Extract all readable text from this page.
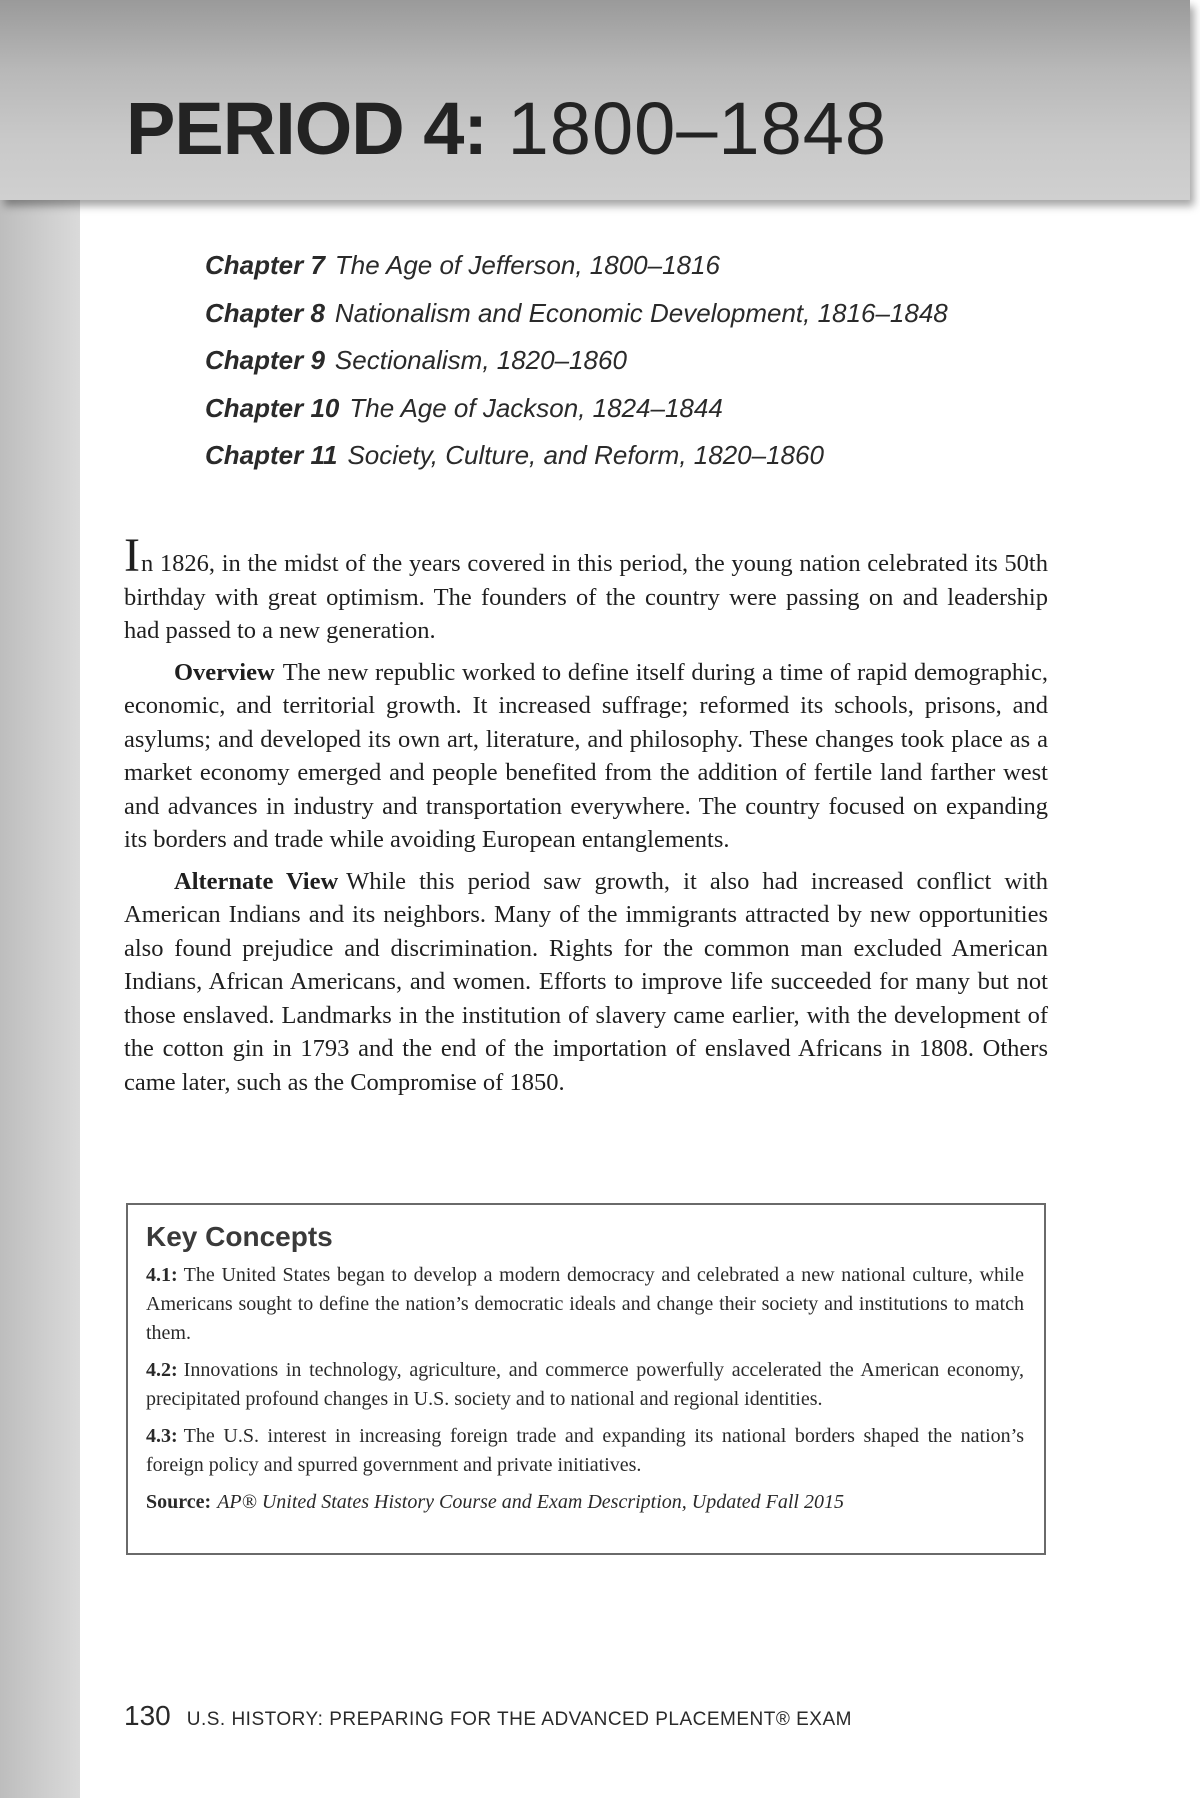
PERIOD 4: 1800–1848
Chapter 7 The Age of Jefferson, 1800–1816
Chapter 8 Nationalism and Economic Development, 1816–1848
Chapter 9 Sectionalism, 1820–1860
Chapter 10 The Age of Jackson, 1824–1844
Chapter 11 Society, Culture, and Reform, 1820–1860

In 1826, in the midst of the years covered in this period, the young nation celebrated its 50th birthday with great optimism. The founders of the country were passing on and leadership had passed to a new generation.

Overview The new republic worked to define itself during a time of rapid demographic, economic, and territorial growth. It increased suffrage; reformed its schools, prisons, and asylums; and developed its own art, literature, and philosophy. These changes took place as a market economy emerged and people benefited from the addition of fertile land farther west and advances in industry and transportation everywhere. The country focused on expanding its borders and trade while avoiding European entanglements.

Alternate View While this period saw growth, it also had increased conflict with American Indians and its neighbors. Many of the immigrants attracted by new opportunities also found prejudice and discrimination. Rights for the common man excluded American Indians, African Americans, and women. Efforts to improve life succeeded for many but not those enslaved. Landmarks in the institution of slavery came earlier, with the development of the cotton gin in 1793 and the end of the importation of enslaved Africans in 1808. Others came later, such as the Compromise of 1850.

Key Concepts

4.1: The United States began to develop a modern democracy and celebrated a new national culture, while Americans sought to define the nation’s democratic ideals and change their society and institutions to match them.

4.2: Innovations in technology, agriculture, and commerce powerfully accelerated the American economy, precipitated profound changes in U.S. society and to national and regional identities.

4.3: The U.S. interest in increasing foreign trade and expanding its national borders shaped the nation’s foreign policy and spurred government and private initiatives.

Source: AP® United States History Course and Exam Description, Updated Fall 2015

130 U.S. HISTORY: PREPARING FOR THE ADVANCED PLACEMENT® EXAM
